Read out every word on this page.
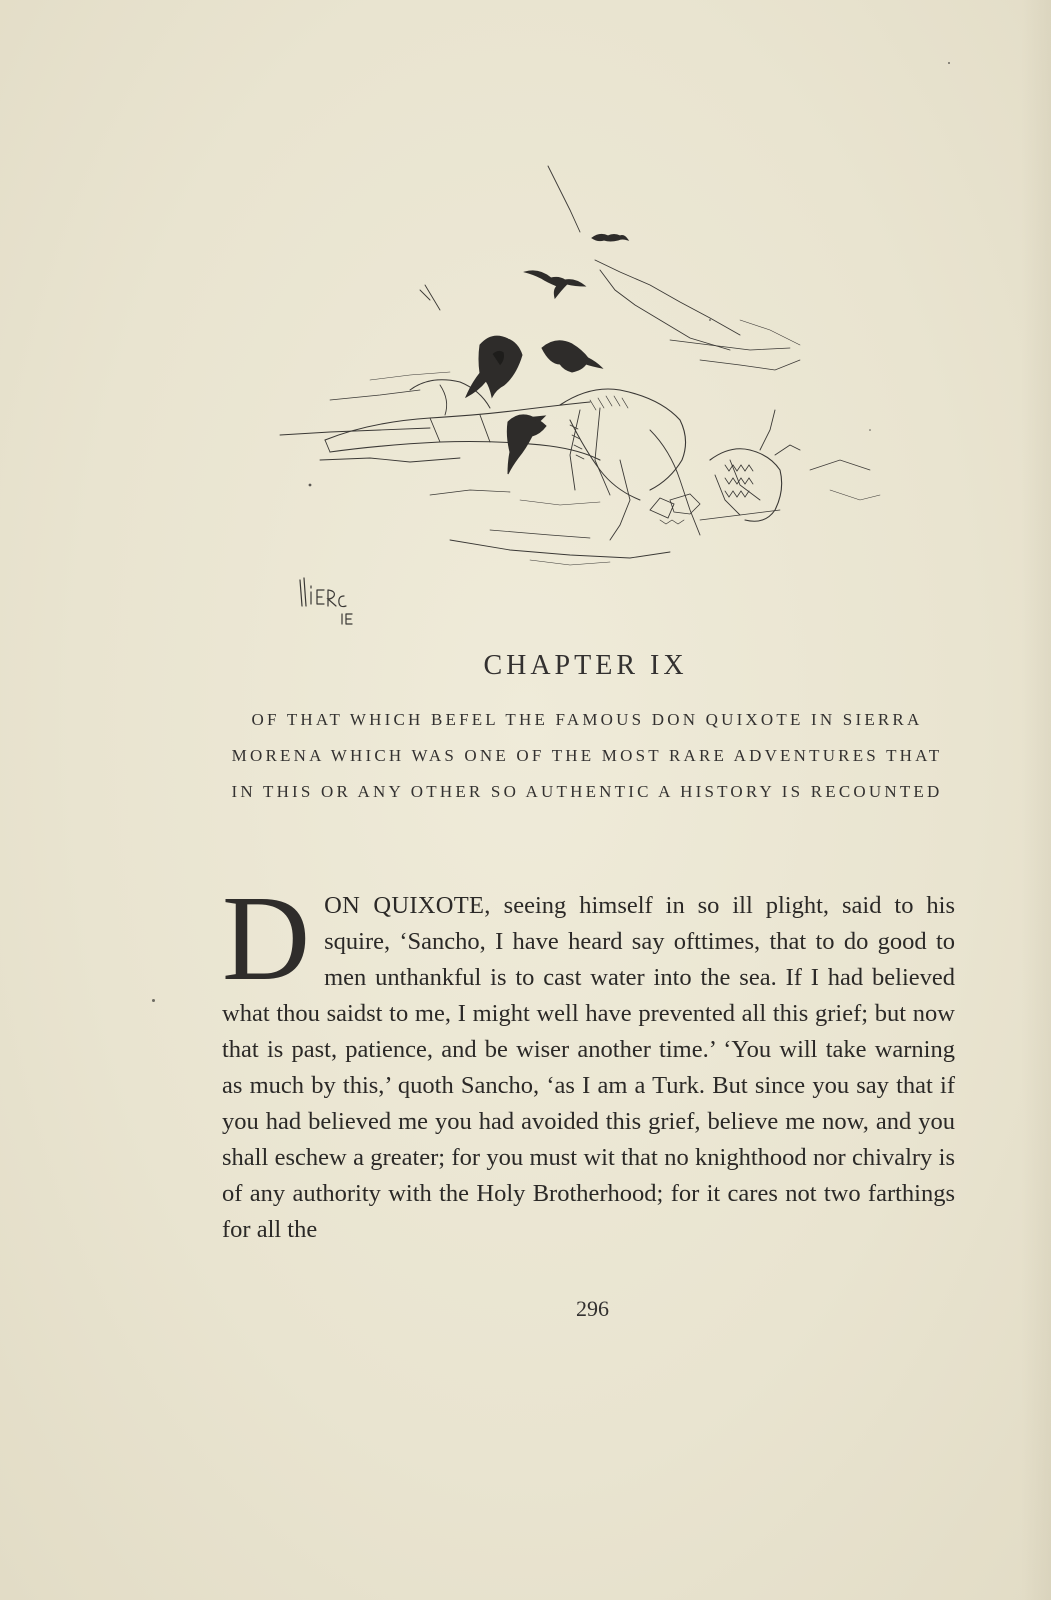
CHAPTER IX

OF THAT WHICH BEFEL THE FAMOUS DON QUIXOTE IN SIERRA MORENA WHICH WAS ONE OF THE MOST RARE ADVENTURES THAT IN THIS OR ANY OTHER SO AUTHENTIC A HISTORY IS RECOUNTED

DON QUIXOTE, seeing himself in so ill plight, said to his squire, ‘Sancho, I have heard say ofttimes, that to do good to men unthankful is to cast water into the sea. If I had believed what thou saidst to me, I might well have prevented all this grief; but now that is past, patience, and be wiser another time.’ ‘You will take warning as much by this,’ quoth Sancho, ‘as I am a Turk. But since you say that if you had believed me you had avoided this grief, believe me now, and you shall eschew a greater; for you must wit that no knighthood nor chivalry is of any authority with the Holy Brotherhood; for it cares not two farthings for all the

296
